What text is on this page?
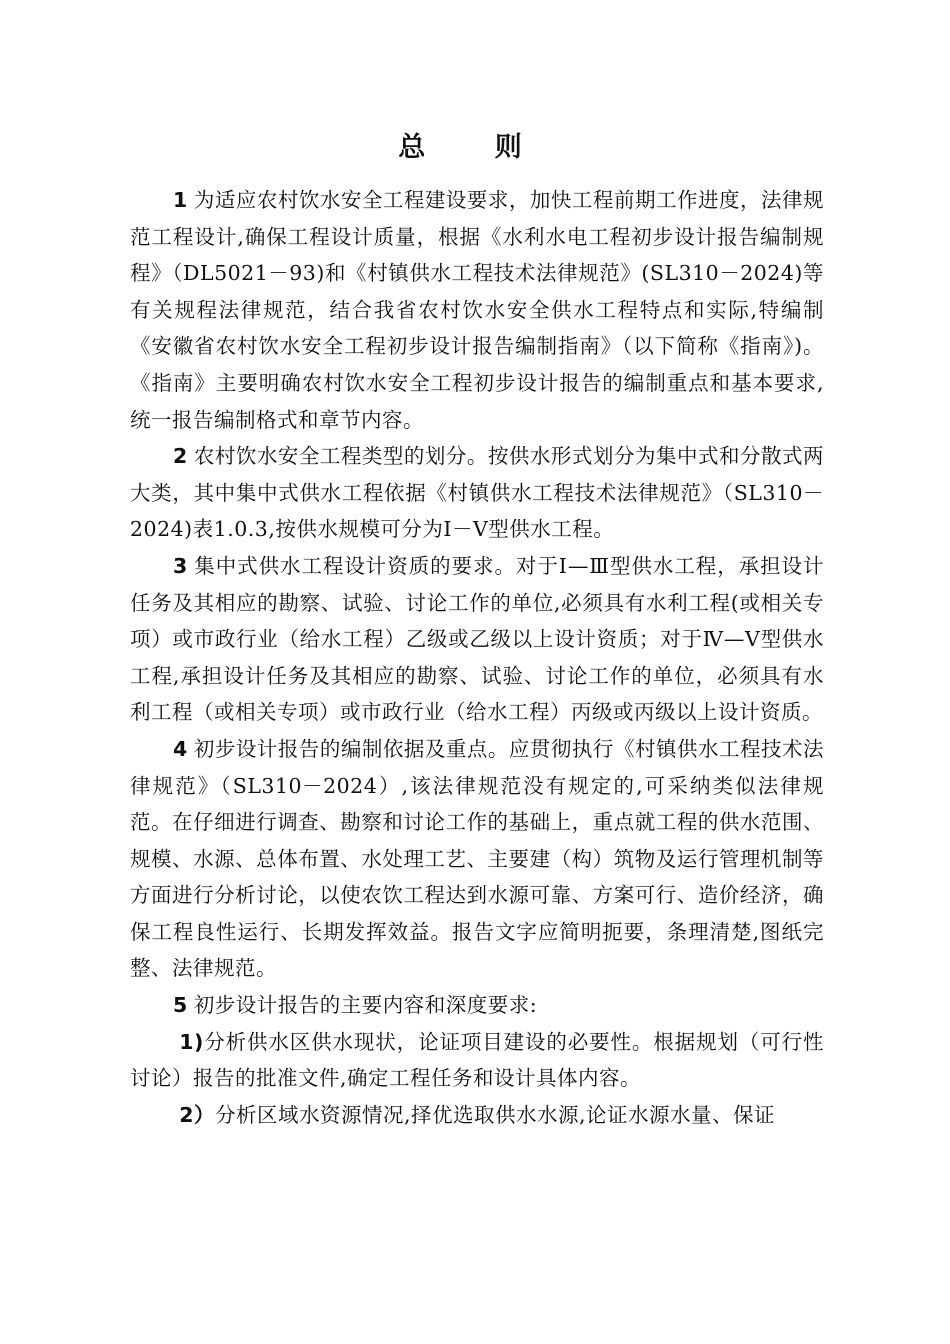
总 则

1 为适应农村饮水安全工程建设要求，加快工程前期工作进度，法律规范工程设计,确保工程设计质量，根据《水利水电工程初步设计报告编制规程》（DL5021－93)和《村镇供水工程技术法律规范》(SL310－2024)等有关规程法律规范，结合我省农村饮水安全供水工程特点和实际,特编制《安徽省农村饮水安全工程初步设计报告编制指南》（以下简称《指南》)。《指南》主要明确农村饮水安全工程初步设计报告的编制重点和基本要求,统一报告编制格式和章节内容。

2 农村饮水安全工程类型的划分。按供水形式划分为集中式和分散式两大类，其中集中式供水工程依据《村镇供水工程技术法律规范》（SL310－2024)表1.0.3,按供水规模可分为Ⅰ－Ⅴ型供水工程。

3 集中式供水工程设计资质的要求。对于Ⅰ—Ⅲ型供水工程，承担设计任务及其相应的勘察、试验、讨论工作的单位,必须具有水利工程(或相关专项）或市政行业（给水工程）乙级或乙级以上设计资质；对于Ⅳ—Ⅴ型供水工程,承担设计任务及其相应的勘察、试验、讨论工作的单位，必须具有水利工程（或相关专项）或市政行业（给水工程）丙级或丙级以上设计资质。

4 初步设计报告的编制依据及重点。应贯彻执行《村镇供水工程技术法律规范》（SL310－2024）,该法律规范没有规定的,可采纳类似法律规范。在仔细进行调查、勘察和讨论工作的基础上，重点就工程的供水范围、规模、水源、总体布置、水处理工艺、主要建（构）筑物及运行管理机制等方面进行分析讨论，以使农饮工程达到水源可靠、方案可行、造价经济，确保工程良性运行、长期发挥效益。报告文字应简明扼要，条理清楚,图纸完整、法律规范。

5 初步设计报告的主要内容和深度要求:

1)分析供水区供水现状，论证项目建设的必要性。根据规划（可行性讨论）报告的批准文件,确定工程任务和设计具体内容。

2）分析区域水资源情况,择优选取供水水源,论证水源水量、保证
